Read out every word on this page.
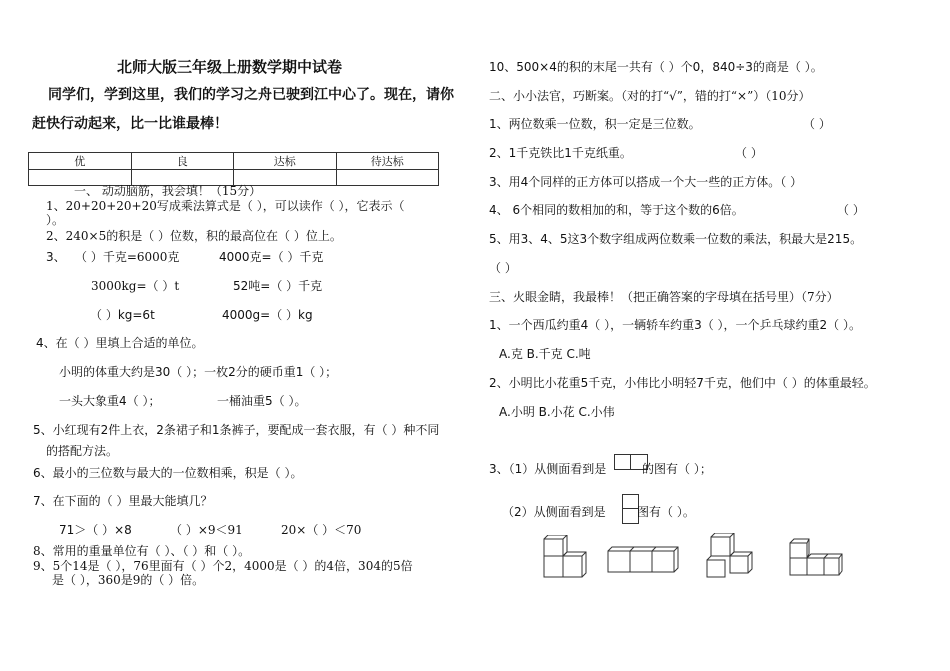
北师大版三年级上册数学期中试卷
同学们，学到这里，我们的学习之舟已驶到江中心了。现在，请你
赶快行动起来，比一比谁最棒！
优	良	达标	待达标

一、 动动脑筋，我会填！（15分）
1、20+20+20+20写成乘法算式是（ ），可以读作（ ），它表示（
）。
2、240×5的积是（ ）位数，积的最高位在（ ）位上。
3、 （ ）千克=6000克	4000克=（ ）千克
3000kg=（ ）t	52吨=（ ）千克
（ ）kg=6t	4000g=（ ）kg
4、在（ ）里填上合适的单位。
小明的体重大约是30（ ）；一枚2分的硬币重1（ ）；
一头大象重4（ ）；	一桶油重5（ ）。
5、小红现有2件上衣，2条裙子和1条裤子，要配成一套衣服，有（ ）种不同
的搭配方法。
6、最小的三位数与最大的一位数相乘，积是（ ）。
7、在下面的（ ）里最大能填几？
71＞（ ）×8	（ ）×9＜91	20×（ ）＜70
8、常用的重量单位有（ ）、（ ）和（ ）。
9、5个14是（ ），76里面有（ ）个2，4000是（ ）的4倍，304的5倍
是（ ），360是9的（ ）倍。
10、500×4的积的末尾一共有（ ）个0，840÷3的商是（ ）。
二、小小法官，巧断案。（对的打“√”，错的打“×”）（10分）
1、两位数乘一位数，积一定是三位数。	（ ）
2、1千克铁比1千克纸重。	（ ）
3、用4个同样的正方体可以搭成一个大一些的正方体。（ ）
4、 6个相同的数相加的和，等于这个数的6倍。	（ ）
5、用3、4、5这3个数字组成两位数乘一位数的乘法，积最大是215。
（ ）
三、火眼金睛，我最棒！（把正确答案的字母填在括号里）（7分）
1、一个西瓜约重4（ ），一辆轿车约重3（ ），一个乒乓球约重2（ ）。
A.克 B.千克 C.吨
2、小明比小花重5千克，小伟比小明轻7千克，他们中（ ）的体重最轻。
A.小明 B.小花 C.小伟
3、（1）从侧面看到是	的图有（ ）；
（2）从侧面看到是	图有（ ）。
